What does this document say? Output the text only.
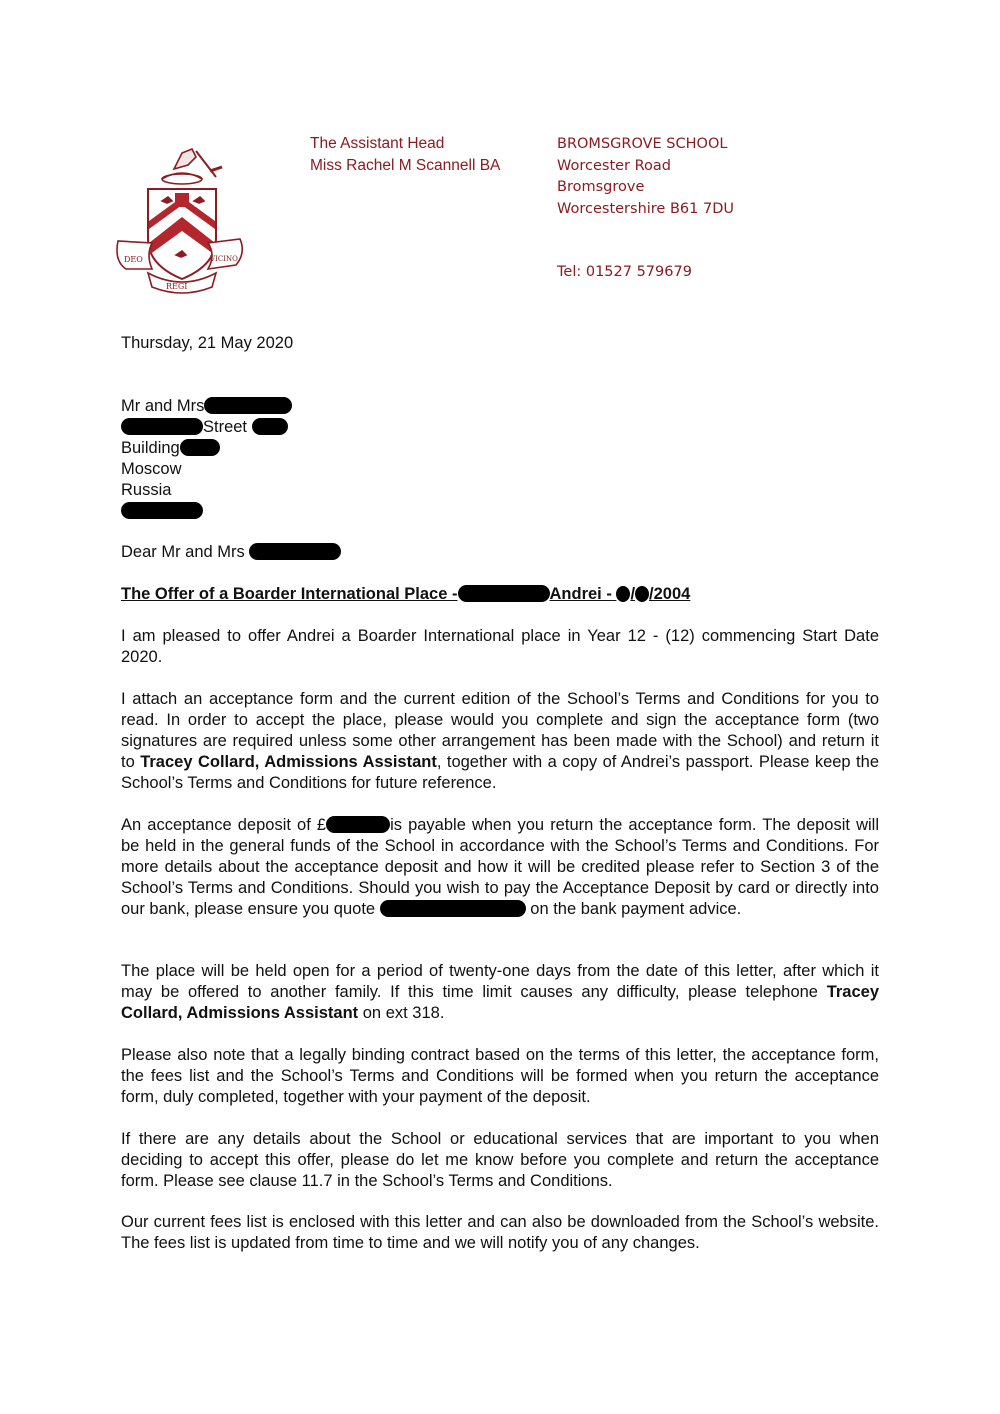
DEO
REGI
VICINO
The Assistant Head
Miss Rachel M Scannell BA
BROMSGROVE SCHOOL
Worcester Road
Bromsgrove
Worcestershire B61 7DU
Tel: 01527 579679
Thursday, 21 May 2020
Mr and Mrs
Street
Building
Moscow
Russia
Dear Mr and Mrs
The Offer of a Boarder International Place -	Andrei - / /2004
I am pleased to offer Andrei a Boarder International place in Year 12 - (12) commencing Start Date 2020.
I attach an acceptance form and the current edition of the School’s Terms and Conditions for you to read. In order to accept the place, please would you complete and sign the acceptance form (two signatures are required unless some other arrangement has been made with the School) and return it to Tracey Collard, Admissions Assistant, together with a copy of Andrei’s passport. Please keep the School’s Terms and Conditions for future reference.
An acceptance deposit of £	is payable when you return the acceptance form. The deposit will be held in the general funds of the School in accordance with the School’s Terms and Conditions. For more details about the acceptance deposit and how it will be credited please refer to Section 3 of the School’s Terms and Conditions. Should you wish to pay the Acceptance Deposit by card or directly into our bank, please ensure you quote	on the bank payment advice.
The place will be held open for a period of twenty-one days from the date of this letter, after which it may be offered to another family. If this time limit causes any difficulty, please telephone Tracey Collard, Admissions Assistant on ext 318.
Please also note that a legally binding contract based on the terms of this letter, the acceptance form, the fees list and the School’s Terms and Conditions will be formed when you return the acceptance form, duly completed, together with your payment of the deposit.
If there are any details about the School or educational services that are important to you when deciding to accept this offer, please do let me know before you complete and return the acceptance form. Please see clause 11.7 in the School’s Terms and Conditions.
Our current fees list is enclosed with this letter and can also be downloaded from the School’s website. The fees list is updated from time to time and we will notify you of any changes.
